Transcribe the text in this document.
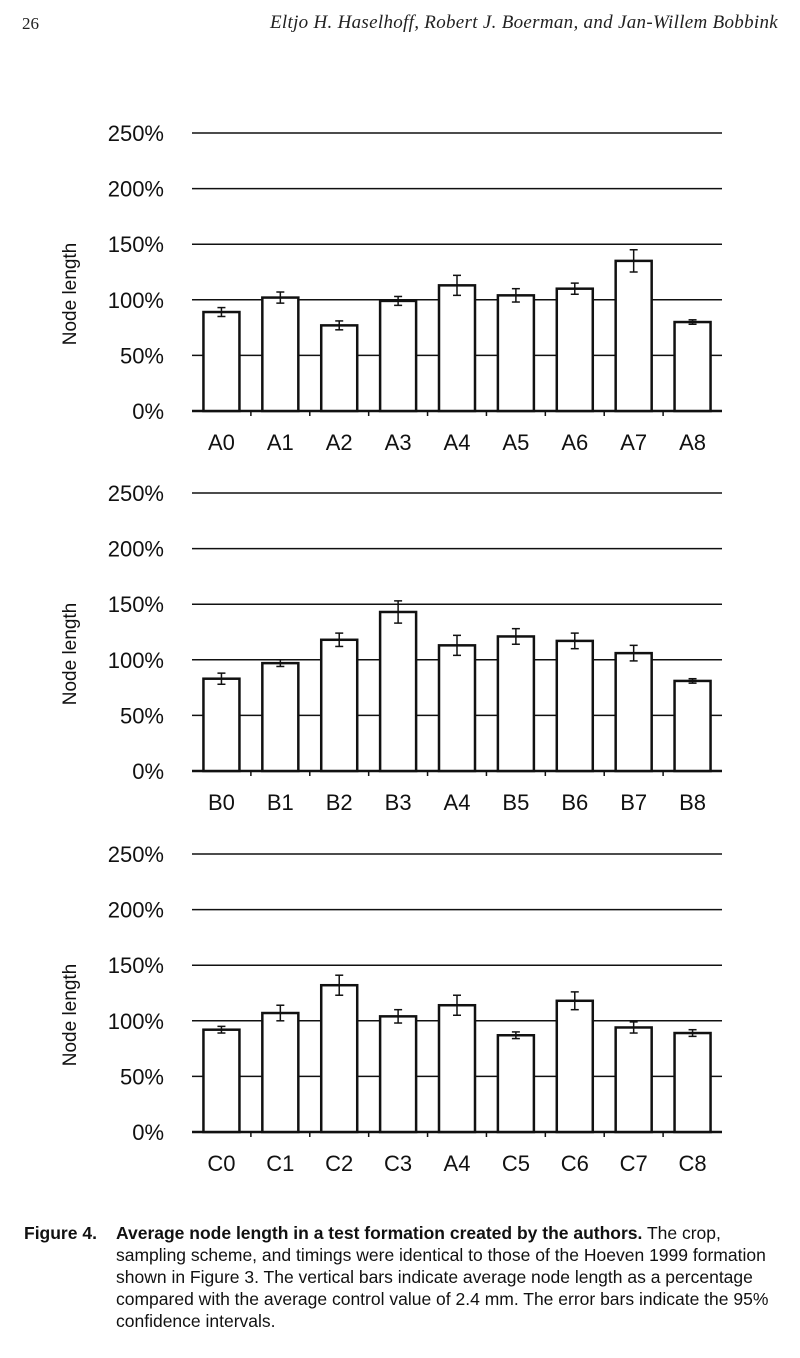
26	Eltjo H. Haselhoff, Robert J. Boerman, and Jan-Willem Bobbink
0%
50%
100%
150%
200%
250%
Node length
A0 A1 A2 A3 A4 A5 A6 A7 A8
0%
50%
100%
150%
200%
250%
Node length
B0 B1 B2 B3 A4 B5 B6 B7 B8
0%
50%
100%
150%
200%
250%
Node length
C0 C1 C2 C3 A4 C5 C6 C7 C8
Figure 4. Average node length in a test formation created by the authors. The crop, sampling scheme, and timings were identical to those of the Hoeven 1999 formation shown in Figure 3. The vertical bars indicate average node length as a percentage compared with the average control value of 2.4 mm. The error bars indicate the 95% confidence intervals.
